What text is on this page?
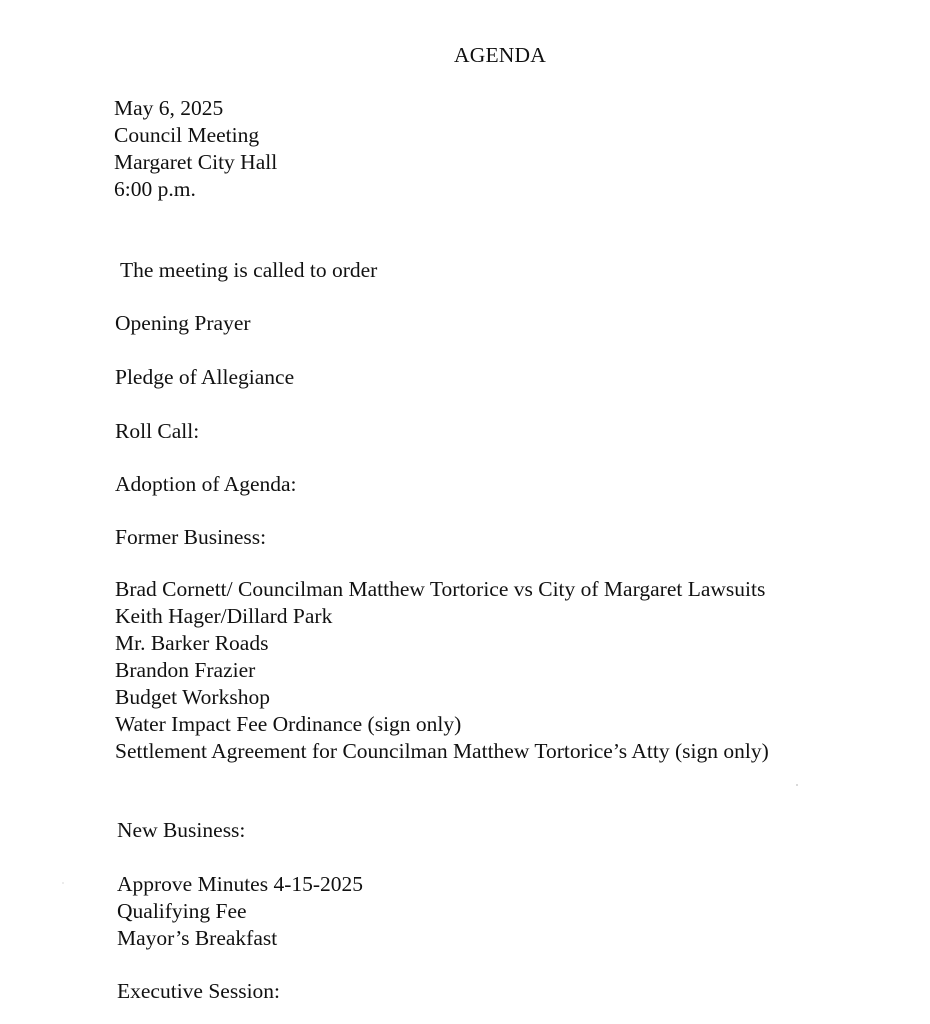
AGENDA
May 6, 2025
Council Meeting
Margaret City Hall
6:00 p.m.
The meeting is called to order
Opening Prayer
Pledge of Allegiance
Roll Call:
Adoption of Agenda:
Former Business:
Brad Cornett/ Councilman Matthew Tortorice vs City of Margaret Lawsuits
Keith Hager/Dillard Park
Mr. Barker Roads
Brandon Frazier
Budget Workshop
Water Impact Fee Ordinance (sign only)
Settlement Agreement for Councilman Matthew Tortorice’s Atty (sign only)
New Business:
Approve Minutes 4-15-2025
Qualifying Fee
Mayor’s Breakfast
Executive Session:
